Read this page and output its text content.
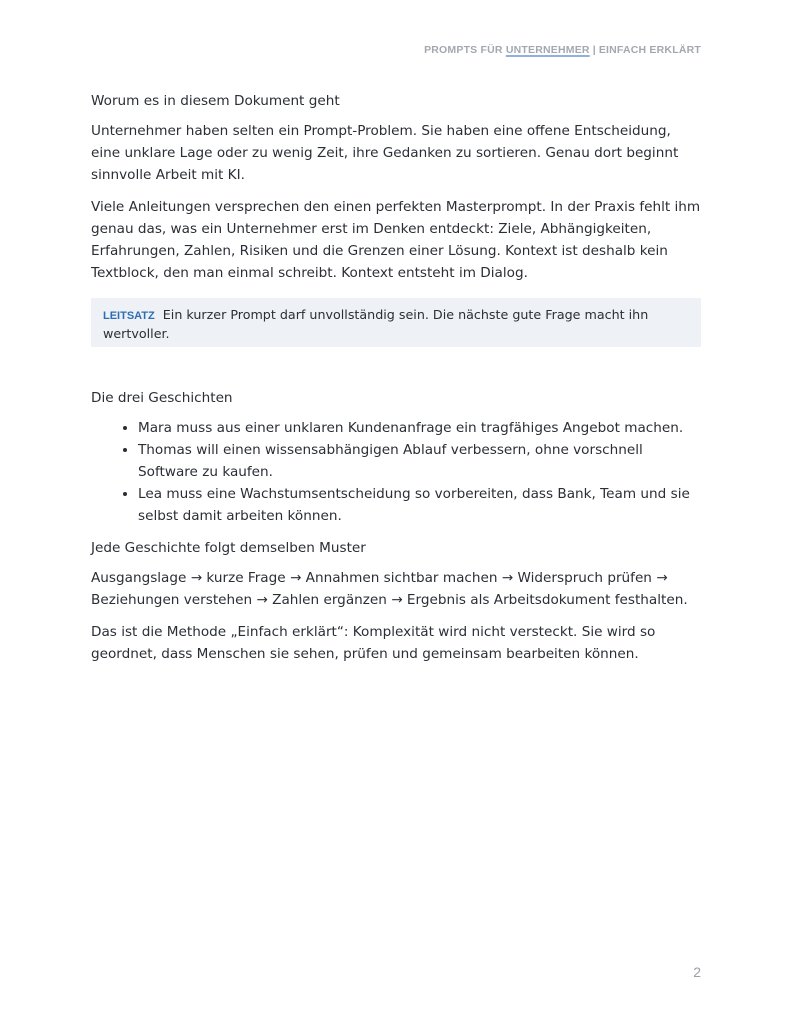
PROMPTS FÜR UNTERNEHMER | EINFACH ERKLÄRT
Worum es in diesem Dokument geht

Unternehmer haben selten ein Prompt-Problem. Sie haben eine offene Entscheidung, eine unklare Lage oder zu wenig Zeit, ihre Gedanken zu sortieren. Genau dort beginnt sinnvolle Arbeit mit KI.

Viele Anleitungen versprechen den einen perfekten Masterprompt. In der Praxis fehlt ihm genau das, was ein Unternehmer erst im Denken entdeckt: Ziele, Abhängigkeiten, Erfahrungen, Zahlen, Risiken und die Grenzen einer Lösung. Kontext ist deshalb kein Textblock, den man einmal schreibt. Kontext entsteht im Dialog.

LEITSATZ Ein kurzer Prompt darf unvollständig sein. Die nächste gute Frage macht ihn wertvoller.
Die drei Geschichten
• Mara muss aus einer unklaren Kundenanfrage ein tragfähiges Angebot machen.
• Thomas will einen wissensabhängigen Ablauf verbessern, ohne vorschnell Software zu kaufen.
• Lea muss eine Wachstumsentscheidung so vorbereiten, dass Bank, Team und sie selbst damit arbeiten können.
Jede Geschichte folgt demselben Muster

Ausgangslage → kurze Frage → Annahmen sichtbar machen → Widerspruch prüfen → Beziehungen verstehen → Zahlen ergänzen → Ergebnis als Arbeitsdokument festhalten.

Das ist die Methode „Einfach erklärt“: Komplexität wird nicht versteckt. Sie wird so geordnet, dass Menschen sie sehen, prüfen und gemeinsam bearbeiten können.

2
